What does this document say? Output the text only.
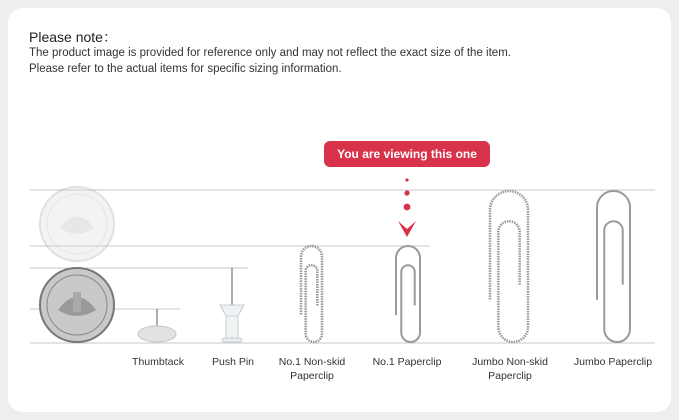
Please note：
The product image is provided for reference only and may not reflect the exact size of the item.
Please refer to the actual items for specific sizing information.
You are viewing this one
Thumbtack	Push Pin	No.1 Non-skid
Paperclip
No.1 Paperclip	Jumbo Non-skid
Paperclip
Jumbo Paperclip
